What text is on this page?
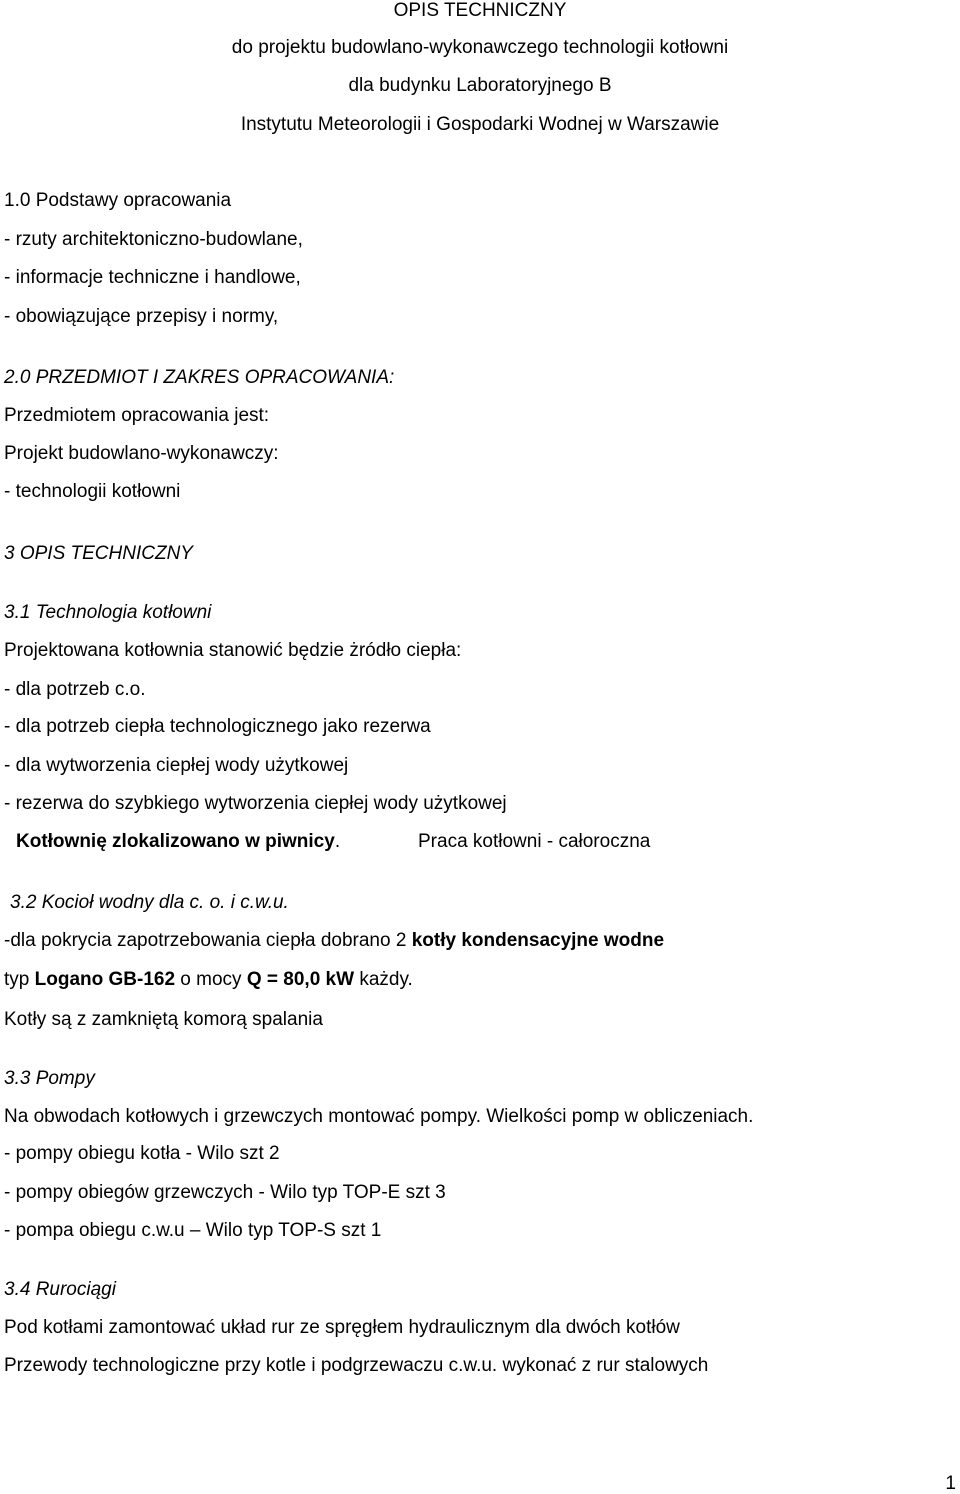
OPIS TECHNICZNY
do projektu budowlano-wykonawczego technologii kotłowni
dla budynku Laboratoryjnego B
Instytutu Meteorologii i Gospodarki Wodnej w Warszawie
1.0 Podstawy opracowania
- rzuty architektoniczno-budowlane,
- informacje techniczne i handlowe,
- obowiązujące przepisy i normy,
2.0 PRZEDMIOT I ZAKRES OPRACOWANIA:
Przedmiotem opracowania jest:
Projekt budowlano-wykonawczy:
- technologii kotłowni
3 OPIS TECHNICZNY
3.1 Technologia kotłowni
Projektowana kotłownia stanowić będzie żródło ciepła:
- dla potrzeb c.o.
- dla potrzeb ciepła technologicznego jako rezerwa
- dla wytworzenia ciepłej wody użytkowej
- rezerwa do szybkiego wytworzenia ciepłej wody użytkowej
Kotłownię zlokalizowano w piwnicy.	Praca kotłowni - całoroczna
3.2 Kocioł wodny dla c. o. i c.w.u.
-dla pokrycia zapotrzebowania ciepła dobrano 2 kotły kondensacyjne wodne
typ Logano GB-162 o mocy Q = 80,0 kW każdy.
Kotły są z zamkniętą komorą spalania
3.3 Pompy
Na obwodach kotłowych i grzewczych montować pompy. Wielkości pomp w obliczeniach.
- pompy obiegu kotła - Wilo szt 2
- pompy obiegów grzewczych - Wilo typ TOP-E szt 3
- pompa obiegu c.w.u – Wilo typ TOP-S szt 1
3.4 Rurociągi
Pod kotłami zamontować układ rur ze spręgłem hydraulicznym dla dwóch kotłów
Przewody technologiczne przy kotle i podgrzewaczu c.w.u. wykonać z rur stalowych
1
